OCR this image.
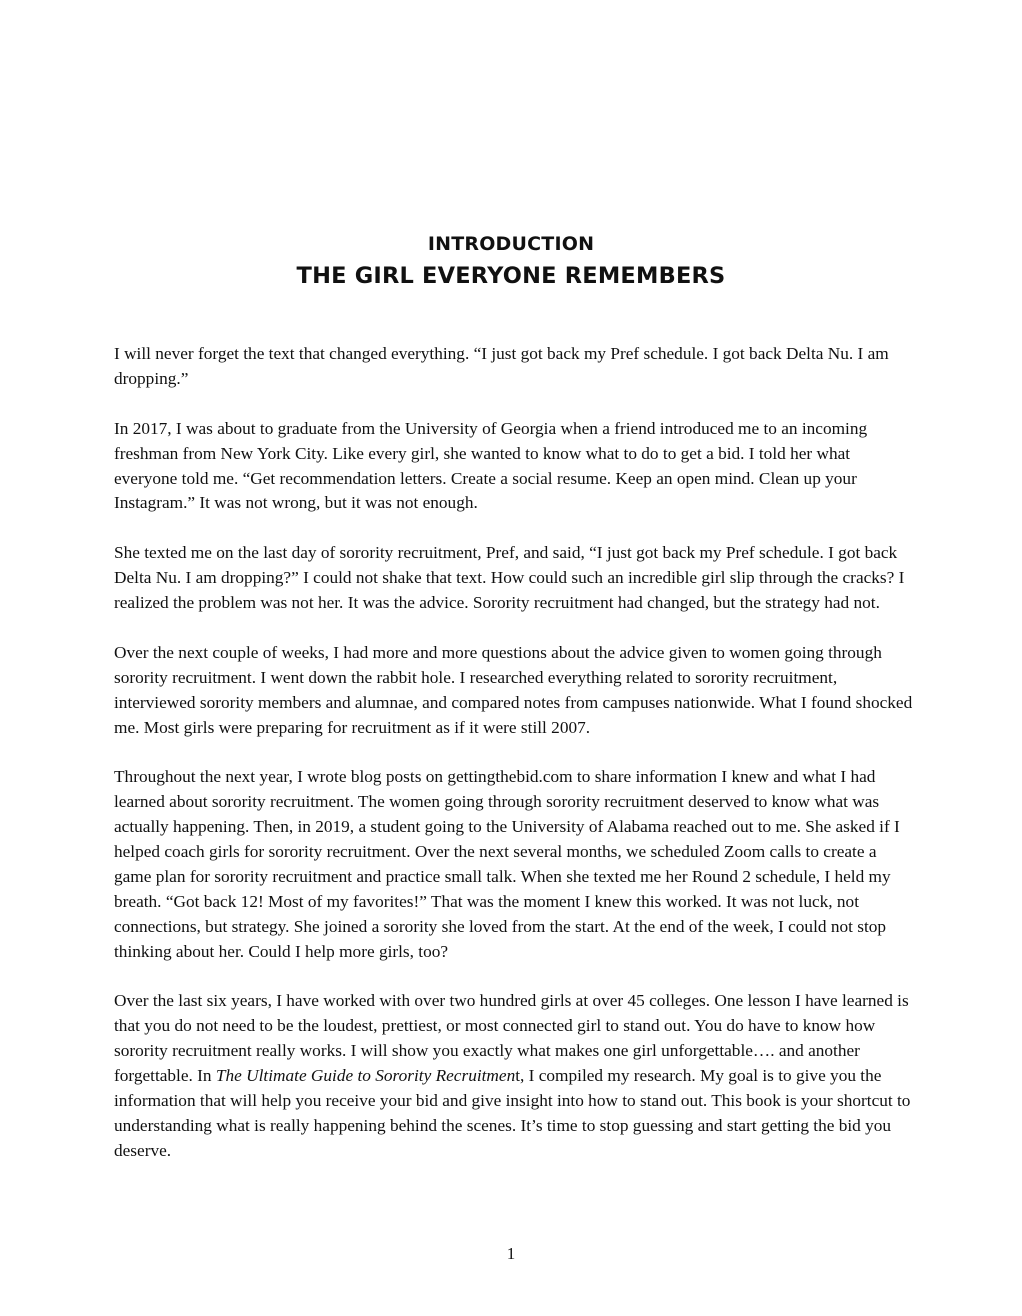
INTRODUCTION
THE GIRL EVERYONE REMEMBERS

I will never forget the text that changed everything. “I just got back my Pref schedule. I got back Delta Nu. I am dropping.”

In 2017, I was about to graduate from the University of Georgia when a friend introduced me to an incoming freshman from New York City. Like every girl, she wanted to know what to do to get a bid. I told her what everyone told me. “Get recommendation letters. Create a social resume. Keep an open mind. Clean up your Instagram.” It was not wrong, but it was not enough.

She texted me on the last day of sorority recruitment, Pref, and said, “I just got back my Pref schedule. I got back Delta Nu. I am dropping?” I could not shake that text. How could such an incredible girl slip through the cracks? I realized the problem was not her. It was the advice. Sorority recruitment had changed, but the strategy had not.

Over the next couple of weeks, I had more and more questions about the advice given to women going through sorority recruitment. I went down the rabbit hole. I researched everything related to sorority recruitment, interviewed sorority members and alumnae, and compared notes from campuses nationwide. What I found shocked me. Most girls were preparing for recruitment as if it were still 2007.

Throughout the next year, I wrote blog posts on gettingthebid.com to share information I knew and what I had learned about sorority recruitment. The women going through sorority recruitment deserved to know what was actually happening. Then, in 2019, a student going to the University of Alabama reached out to me. She asked if I helped coach girls for sorority recruitment. Over the next several months, we scheduled Zoom calls to create a game plan for sorority recruitment and practice small talk. When she texted me her Round 2 schedule, I held my breath. “Got back 12! Most of my favorites!” That was the moment I knew this worked. It was not luck, not connections, but strategy. She joined a sorority she loved from the start. At the end of the week, I could not stop thinking about her. Could I help more girls, too?

Over the last six years, I have worked with over two hundred girls at over 45 colleges. One lesson I have learned is that you do not need to be the loudest, prettiest, or most connected girl to stand out. You do have to know how sorority recruitment really works. I will show you exactly what makes one girl unforgettable…. and another forgettable. In The Ultimate Guide to Sorority Recruitment, I compiled my research. My goal is to give you the information that will help you receive your bid and give insight into how to stand out. This book is your shortcut to understanding what is really happening behind the scenes. It’s time to stop guessing and start getting the bid you deserve.

1
